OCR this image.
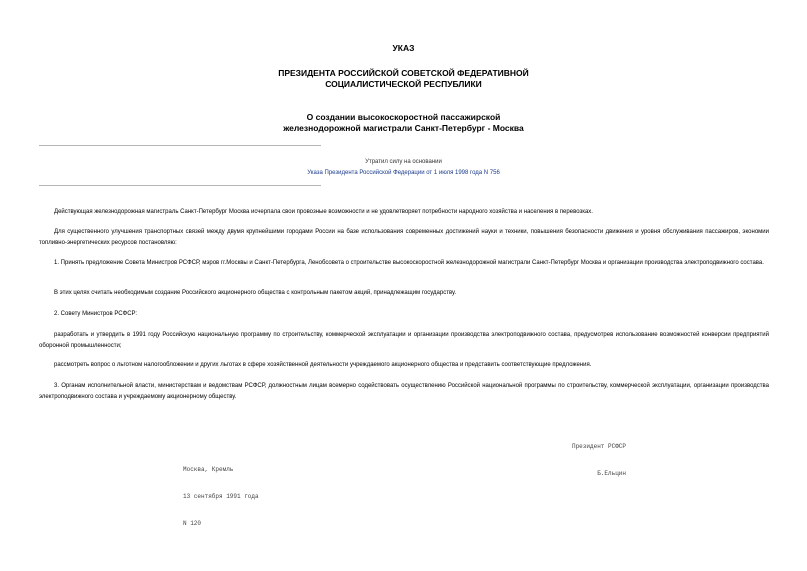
УКАЗ
ПРЕЗИДЕНТА РОССИЙСКОЙ СОВЕТСКОЙ ФЕДЕРАТИВНОЙ
СОЦИАЛИСТИЧЕСКОЙ РЕСПУБЛИКИ
О создании высокоскоростной пассажирской
железнодорожной магистрали Санкт-Петербург - Москва
Утратил силу на основании
Указа Президента Российской Федерации от 1 июля 1998 года N 756
Действующая железнодорожная магистраль Санкт-Петербург Москва исчерпала свои провозные возможности и не удовлетворяет потребности народного хозяйства и населения в перевозках.
Для существенного улучшения транспортных связей между двумя крупнейшими городами России на базе использования современных достижений науки и техники, повышения безопасности движения и уровня обслуживания пассажиров, экономии топливно-энергетических ресурсов постановляю:
1. Принять предложение Совета Министров РСФСР, мэров гг.Москвы и Санкт-Петербурга, Ленобсовета о строительстве высокоскоростной железнодорожной магистрали Санкт-Петербург Москва и организации производства электроподвижного состава.
В этих целях считать необходимым создание Российского акционерного общества с контрольным пакетом акций, принадлежащим государству.
2. Совету Министров РСФСР:
разработать и утвердить в 1991 году Российскую национальную программу по строительству, коммерческой эксплуатации и организации производства электроподвижного состава, предусмотрев использование возможностей конверсии предприятий оборонной промышленности;
рассмотреть вопрос о льготном налогообложении и других льготах в сфере хозяйственной деятельности учреждаемого акционерного общества и представить соответствующие предложения.
3. Органам исполнительной власти, министерствам и ведомствам РСФСР, должностным лицам всемерно содействовать осуществлению Российской национальной программы по строительству, коммерческой эксплуатации, организации производства электроподвижного состава и учреждаемому акционерному обществу.

Президент РСФСР

Б.Ельцин

Москва, Кремль

13 сентября 1991 года

N 120
